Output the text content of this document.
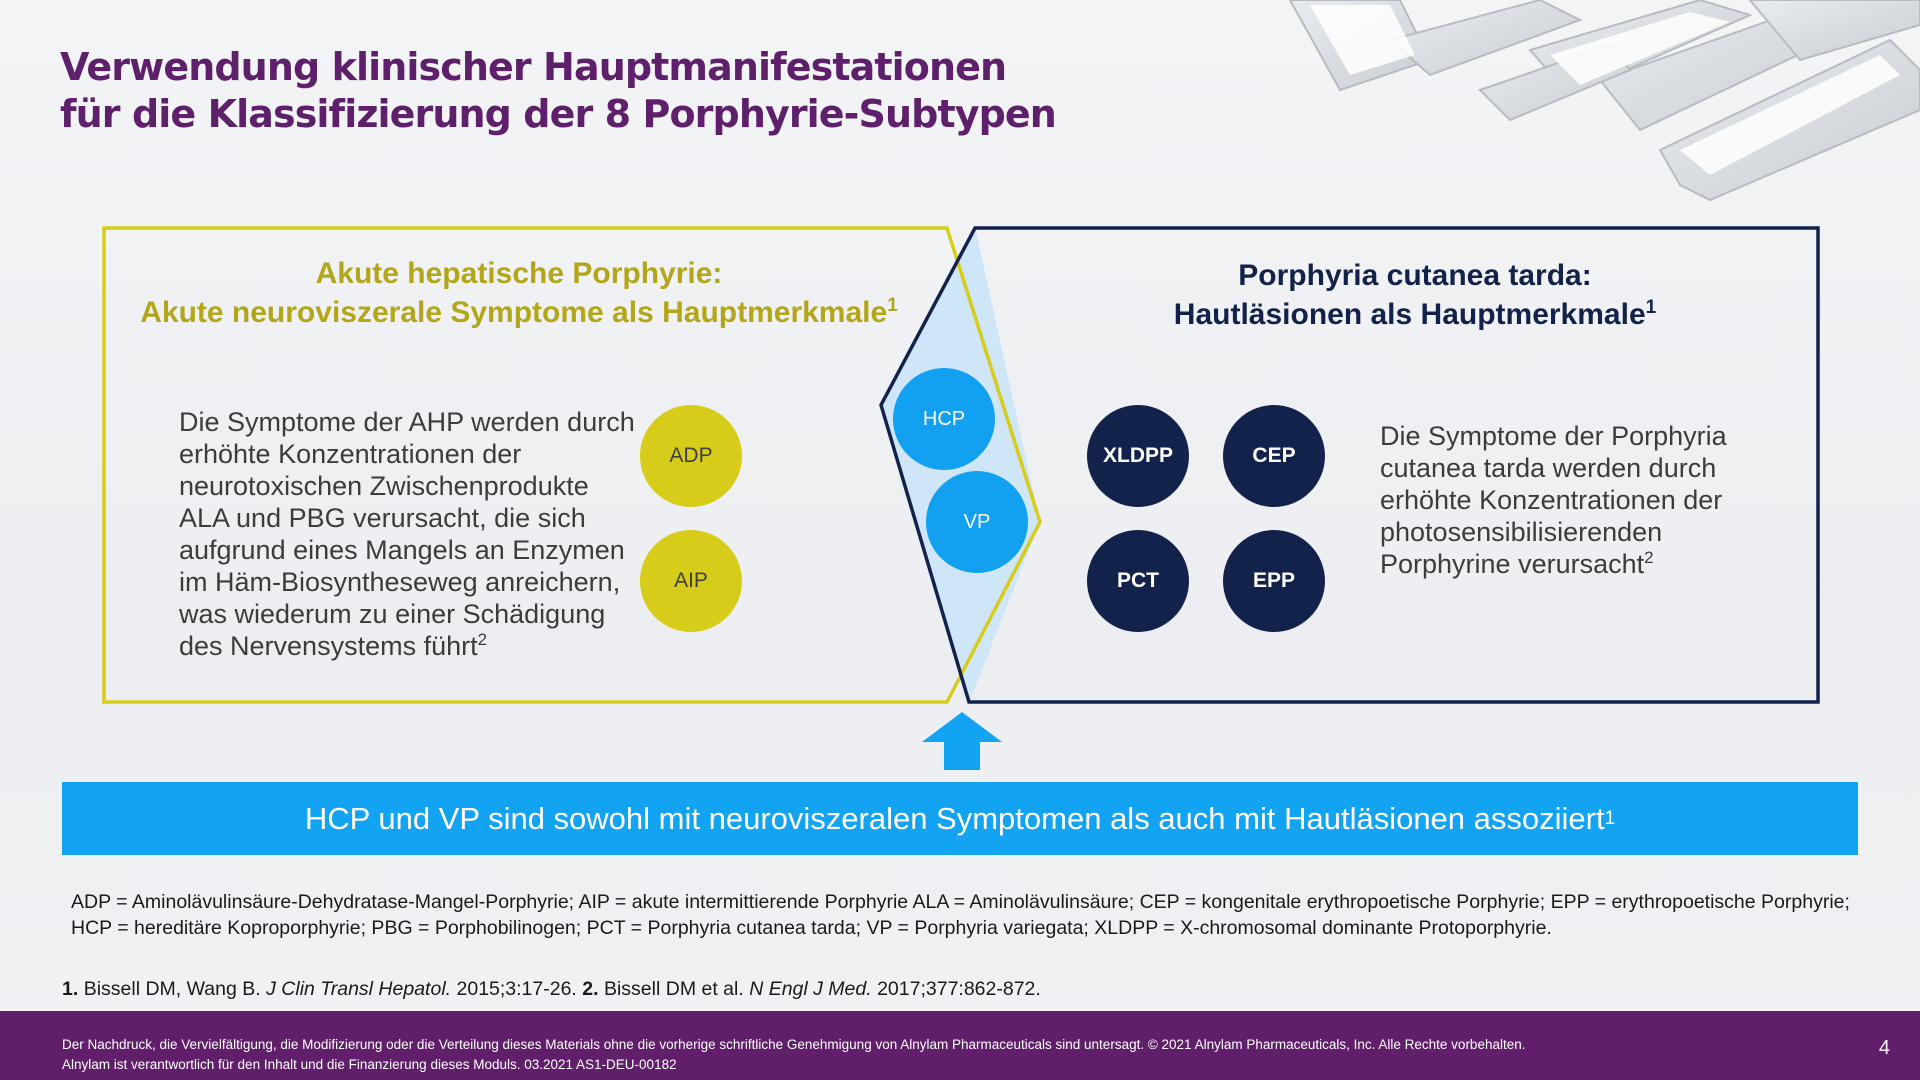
Verwendung klinischer Hauptmanifestationen
für die Klassifizierung der 8 Porphyrie-Subtypen
Akute hepatische Porphyrie:
Akute neuroviszerale Symptome als Hauptmerkmale$^1$
Porphyria cutanea tarda:
Hautläsionen als Hauptmerkmale$^1$

Die Symptome der AHP werden durch erhöhte Konzentrationen der neurotoxischen Zwischenprodukte ALA und PBG verursacht, die sich aufgrund eines Mangels an Enzymen im Häm-Biosyntheseweg anreichern, was wiederum zu einer Schädigung des Nervensystems führt$^2$

Die Symptome der Porphyria cutanea tarda werden durch erhöhte Konzentrationen der photosensibilisierenden Porphyrine verursacht$^2$

ADP
AIP
HCP
VP
XLDPP	CEP
PCT	EPP
HCP und VP sind sowohl mit neuroviszeralen Symptomen als auch mit Hautläsionen assoziiert 1

ADP = Aminolävulinsäure-Dehydratase-Mangel-Porphyrie; AIP = akute intermittierende Porphyrie ALA = Aminolävulinsäure; CEP = kongenitale erythropoetische Porphyrie; EPP = erythropoetische Porphyrie; HCP = hereditäre Koproporphyrie; PBG = Porphobilinogen; PCT = Porphyria cutanea tarda; VP = Porphyria variegata; XLDPP = X-chromosomal dominante Protoporphyrie.

1. Bissell DM, Wang B. J Clin Transl Hepatol. 2015;3:17-26. 2. Bissell DM et al. N Engl J Med. 2017;377:862-872.

Der Nachdruck, die Vervielfältigung, die Modifizierung oder die Verteilung dieses Materials ohne die vorherige schriftliche Genehmigung von Alnylam Pharmaceuticals sind untersagt. © 2021 Alnylam Pharmaceuticals, Inc. Alle Rechte vorbehalten.
Alnylam ist verantwortlich für den Inhalt und die Finanzierung dieses Moduls. 03.2021 AS1-DEU-00182

4
